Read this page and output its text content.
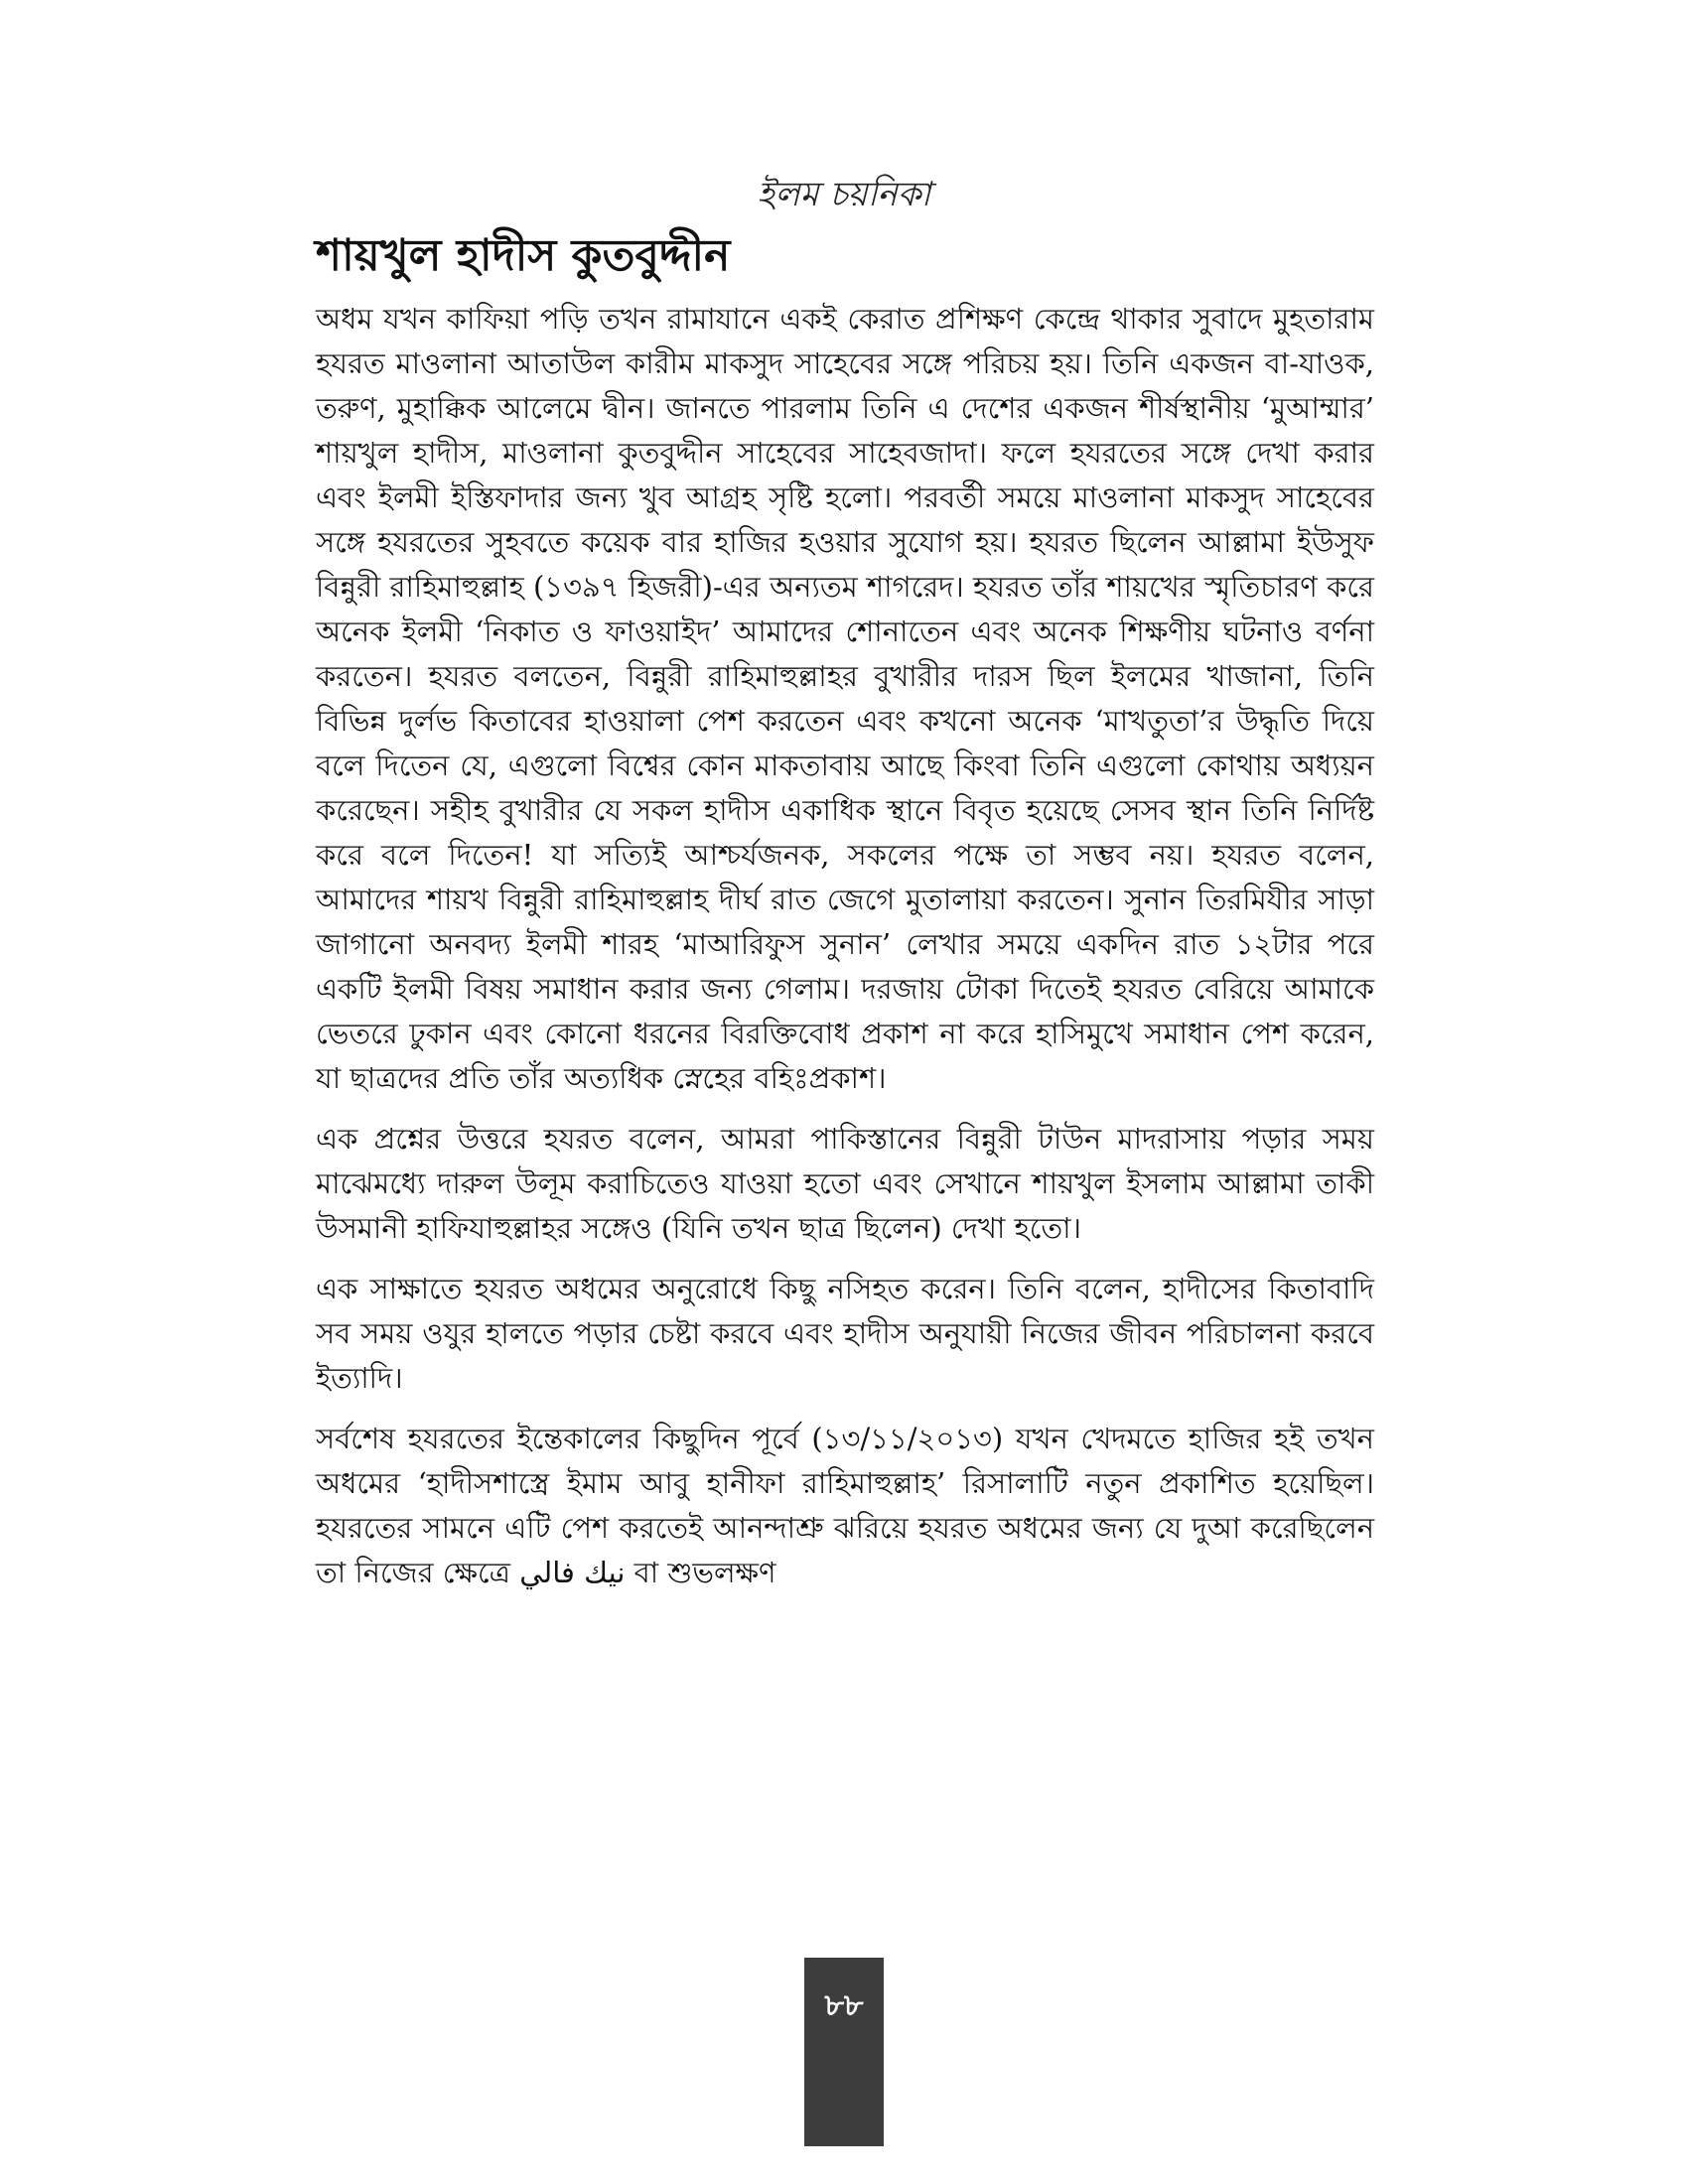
ইলম চয়নিকা
শায়খুল হাদীস কুতবুদ্দীন

অধম যখন কাফিয়া পড়ি তখন রামাযানে একই কেরাত প্রশিক্ষণ কেন্দ্রে থাকার সুবাদে মুহতারাম হযরত মাওলানা আতাউল কারীম মাকসুদ সাহেবের সঙ্গে পরিচয় হয়। তিনি একজন বা-যাওক, তরুণ, মুহাক্কিক আলেমে দ্বীন। জানতে পারলাম তিনি এ দেশের একজন শীর্ষস্থানীয় ‘মুআম্মার’ শায়খুল হাদীস, মাওলানা কুতবুদ্দীন সাহেবের সাহেবজাদা। ফলে হযরতের সঙ্গে দেখা করার এবং ইলমী ইস্তিফাদার জন্য খুব আগ্রহ সৃষ্টি হলো। পরবর্তী সময়ে মাওলানা মাকসুদ সাহেবের সঙ্গে হযরতের সুহবতে কয়েক বার হাজির হওয়ার সুযোগ হয়। হযরত ছিলেন আল্লামা ইউসুফ বিন্নুরী রাহিমাহুল্লাহ (১৩৯৭ হিজরী)-এর অন্যতম শাগরেদ। হযরত তাঁর শায়খের স্মৃতিচারণ করে অনেক ইলমী ‘নিকাত ও ফাওয়াইদ’ আমাদের শোনাতেন এবং অনেক শিক্ষণীয় ঘটনাও বর্ণনা করতেন। হযরত বলতেন, বিন্নুরী রাহিমাহুল্লাহর বুখারীর দারস ছিল ইলমের খাজানা, তিনি বিভিন্ন দুর্লভ কিতাবের হাওয়ালা পেশ করতেন এবং কখনো অনেক ‘মাখতুতা’র উদ্ধৃতি দিয়ে বলে দিতেন যে, এগুলো বিশ্বের কোন মাকতাবায় আছে কিংবা তিনি এগুলো কোথায় অধ্যয়ন করেছেন। সহীহ বুখারীর যে সকল হাদীস একাধিক স্থানে বিবৃত হয়েছে সেসব স্থান তিনি নির্দিষ্ট করে বলে দিতেন! যা সত্যিই আশ্চর্যজনক, সকলের পক্ষে তা সম্ভব নয়। হযরত বলেন, আমাদের শায়খ বিন্নুরী রাহিমাহুল্লাহ দীর্ঘ রাত জেগে মুতালায়া করতেন। সুনান তিরমিযীর সাড়া জাগানো অনবদ্য ইলমী শারহ ‘মাআরিফুস সুনান’ লেখার সময়ে একদিন রাত ১২টার পরে একটি ইলমী বিষয় সমাধান করার জন্য গেলাম। দরজায় টোকা দিতেই হযরত বেরিয়ে আমাকে ভেতরে ঢুকান এবং কোনো ধরনের বিরক্তিবোধ প্রকাশ না করে হাসিমুখে সমাধান পেশ করেন, যা ছাত্রদের প্রতি তাঁর অত্যধিক স্নেহের বহিঃপ্রকাশ।

এক প্রশ্নের উত্তরে হযরত বলেন, আমরা পাকিস্তানের বিন্নুরী টাউন মাদরাসায় পড়ার সময় মাঝেমধ্যে দারুল উলূম করাচিতেও যাওয়া হতো এবং সেখানে শায়খুল ইসলাম আল্লামা তাকী উসমানী হাফিযাহুল্লাহর সঙ্গেও (যিনি তখন ছাত্র ছিলেন) দেখা হতো।

এক সাক্ষাতে হযরত অধমের অনুরোধে কিছু নসিহত করেন। তিনি বলেন, হাদীসের কিতাবাদি সব সময় ওযুর হালতে পড়ার চেষ্টা করবে এবং হাদীস অনুযায়ী নিজের জীবন পরিচালনা করবে ইত্যাদি।

সর্বশেষ হযরতের ইন্তেকালের কিছুদিন পূর্বে (১৩/১১/২০১৩) যখন খেদমতে হাজির হই তখন অধমের ‘হাদীসশাস্ত্রে ইমাম আবু হানীফা রাহিমাহুল্লাহ’ রিসালাটি নতুন প্রকাশিত হয়েছিল। হযরতের সামনে এটি পেশ করতেই আনন্দাশ্রু ঝরিয়ে হযরত অধমের জন্য যে দুআ করেছিলেন তা নিজের ক্ষেত্রে نيك فالي বা শুভলক্ষণ

৮৮
